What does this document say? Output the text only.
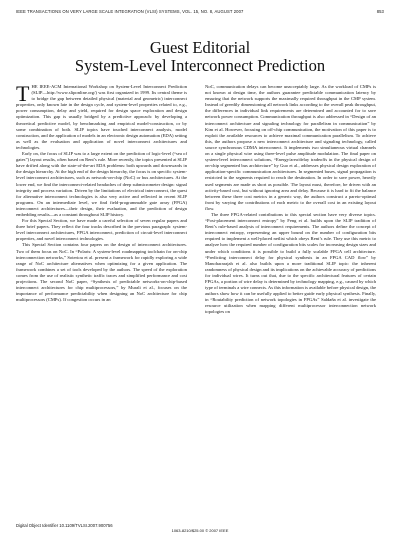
IEEE TRANSACTIONS ON VERY LARGE SCALE INTEGRATION (VLSI) SYSTEMS, VOL. 15, NO. 8, AUGUST 2007	853
Guest Editorial
System-Level Interconnect Prediction

THE IEEE-ACM International Workshop on System-Level Interconnect Prediction (SLIP—http://www.sliponline.org/) was first organized in 1999. Its central theme is to bridge the gap between detailed physical (material and geometric) interconnect properties, only known late in the design cycle, and system-level properties related to, e.g., power consumption, delay and yield, required for design space exploration and design optimization. This gap is usually bridged by a predictive approach: by developing a theoretical predictive model, by benchmarking and empirical model-construction, or by some combination of both. SLIP topics have touched interconnect analysis, model construction, and the application of models in an electronic design automation (EDA) setting as well as the evaluation and application of novel interconnect architectures and technologies.

Early on, the focus of SLIP was to a large extent on the prediction of logic-level (“sea of gates”) layout results, often based on Rent’s rule. More recently, the topics presented at SLIP have drifted along with the state-of-the-art EDA problems: both upwards and downwards in the design hierarchy. At the high end of the design hierarchy, the focus is on specific system-level interconnect architectures, such as network-on-chip (NoC) or bus architectures. At the lower end, we find the interconnect-related headaches of deep submicrometer design: signal integrity and process variation. Driven by the limitations of electrical interconnect, the quest for alternative interconnect technologies is also very active and reflected in recent SLIP programs. On an intermediate level, we find field-programmable gate array (FPGA) interconnect architectures—their design, their evaluation, and the prediction of design embedding results—as a constant throughout SLIP history.

For this Special Section, we have made a careful selection of seven regular papers and three brief papers. They reflect the four tracks described in the previous paragraph: system-level interconnect architectures, FPGA interconnect, prediction of circuit-level interconnect properties, and novel interconnect technologies.

This Special Section contains four papers on the design of interconnect architectures. Two of them focus on NoC. In “Polaris: A system-level roadmapping toolchain for on-chip interconnection networks,” Soteriou et al. present a framework for rapidly exploring a wide range of NoC architecture alternatives when optimizing for a given application. The framework combines a set of tools developed by the authors. The speed of the exploration comes from the use of realistic synthetic traffic traces and simplified performance and cost projections. The second NoC paper, “Synthesis of predictable networks-on-chip-based interconnect architectures for chip multiprocessors,” by Murali et al., focuses on the importance of performance predictability when designing an NoC architecture for chip multiprocessors (CMPs). If congestion occurs in an

NoC, communication delays can become unacceptably large. As the workload of CMPs is not known at design time, the authors guarantee predictable communication latency by ensuring that the network supports the maximally required throughput in the CMP system. Instead of greedily dimensioning all network links according to the overall peak throughput, the differences in individual link requirements are determined and accounted for to save network power consumption. Communication throughput is also addressed in “Design of an interconnect architecture and signaling technology for parallelism in communication” by Kim et al. However, focusing on off-chip communication, the motivation of this paper is to exploit the available resources to achieve maximal communication parallelism. To achieve this, the authors propose a new interconnect architecture and signaling technology, called source synchronous CDMA interconnect. It implements two simultaneous virtual channels on a single physical wire using three-level pulse amplitude modulation. The final paper on system-level interconnect solutions, “Energy/area/delay tradeoffs in the physical design of on-chip segmented bus architecture” by Guo et al., addresses physical design exploration of application-specific communication architectures. In segmented buses, signal propagation is restricted to the segments required to reach the destination. In order to save power, heavily used segments are made as short as possible. The layout must, therefore, be driven with an activity-based cost, but without ignoring area and delay. Because it is hard to fit the balance between these three cost metrics in a generic way, the authors construct a pareto-optimal front by varying the contributions of each metric to the overall cost in an existing layout flow.

The three FPGA-related contributions to this special section have very diverse topics. “Post-placement interconnect entropy” by Feng et al. builds upon the SLIP tradition of Rent’s rule-based analysis of interconnect requirements. The authors define the concept of interconnect entropy, representing an upper bound on the number of configuration bits required to implement a well-placed netlist which obeys Rent’s rule. They use this metric to analyze how the required number of configuration bits scales for increasing design sizes and under which conditions it is possible to build a fully scalable FPGA cell architecture. “Predicting interconnect delay for physical synthesis in an FPGA CAD flow” by Manohararajah et al. also builds upon a more traditional SLIP topic: the inherent randomness of physical design and its implications on the achievable accuracy of predictions for individual wires. It turns out that, due to the specific architectural features of certain FPGAs, a portion of wire delay is determined by technology mapping, e.g., caused by which type of terminals a wire connects. As this information is available before physical design, the authors show how it can be usefully applied to better guide early physical synthesis. Finally, in “Routability prediction of network topologies in FPGAs” Saldaña et al. investigate the resource utilization when mapping different multiprocessor interconnection network topologies on

Digital Object Identifier 10.1109/TVLSI.2007.900756
1063-8210/$25.00 © 2007 IEEE
